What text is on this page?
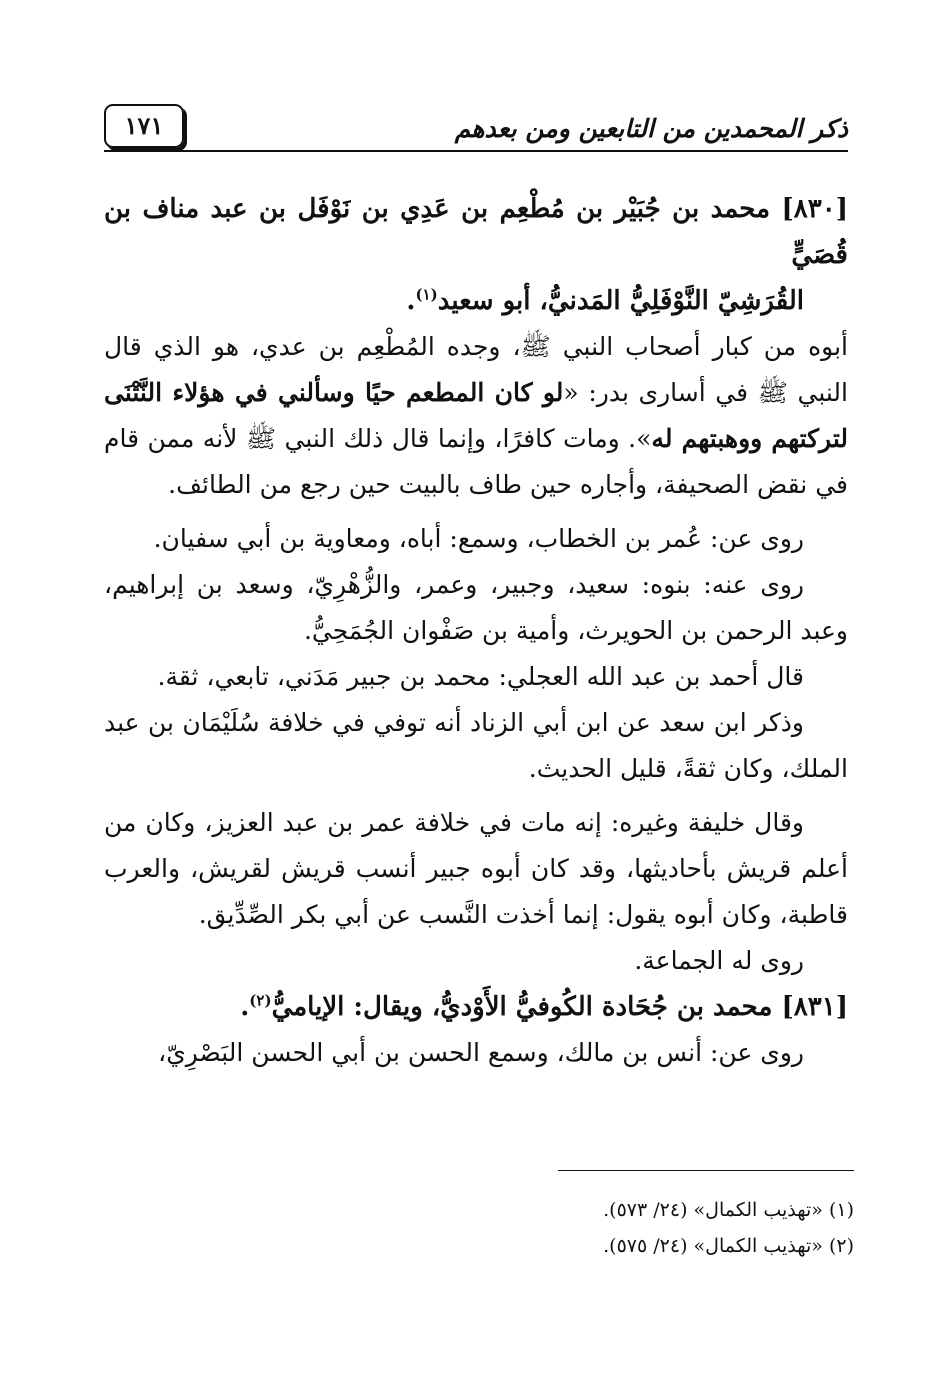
ذكر المحمدين من التابعين ومن بعدهم
١٧١

[٨٣٠] محمد بن جُبَيْر بن مُطْعِم بن عَدِي بن نَوْفَل بن عبد مناف بن قُصَيٍّ
القُرَشِيّ النَّوْفَلِيُّ المَدنيُّ، أبو سعيد$^{(١)}$.

أبوه من كبار أصحاب النبي ﷺ، وجده المُطْعِم بن عدي، هو الذي قال النبي ﷺ في أسارى بدر: «لو كان المطعم حيًا وسألني في هؤلاء النَّتْنَى لتركتهم ووهبتهم له». ومات كافرًا، وإنما قال ذلك النبي ﷺ لأنه ممن قام في نقض الصحيفة، وأجاره حين طاف بالبيت حين رجع من الطائف.

روى عن: عُمر بن الخطاب، وسمع: أباه، ومعاوية بن أبي سفيان.

روى عنه: بنوه: سعيد، وجبير، وعمر، والزُّهْرِيّ، وسعد بن إبراهيم، وعبد الرحمن بن الحويرث، وأمية بن صَفْوان الجُمَحِيُّ.

قال أحمد بن عبد الله العجلي: محمد بن جبير مَدَني، تابعي، ثقة.

وذكر ابن سعد عن ابن أبي الزناد أنه توفي في خلافة سُلَيْمَان بن عبد الملك، وكان ثقةً، قليل الحديث.

وقال خليفة وغيره: إنه مات في خلافة عمر بن عبد العزيز، وكان من أعلم قريش بأحاديثها، وقد كان أبوه جبير أنسب قريش لقريش، والعرب قاطبة، وكان أبوه يقول: إنما أخذت النَّسب عن أبي بكر الصِّدِّيق.

روى له الجماعة.

[٨٣١] محمد بن جُحَادة الكُوفيُّ الأَوْديُّ، ويقال: الإياميُّ$^{(٢)}$.

روى عن: أنس بن مالك، وسمع الحسن بن أبي الحسن البَصْرِيّ،

(١) «تهذيب الكمال» (٢٤/ ٥٧٣).
(٢) «تهذيب الكمال» (٢٤/ ٥٧٥).
